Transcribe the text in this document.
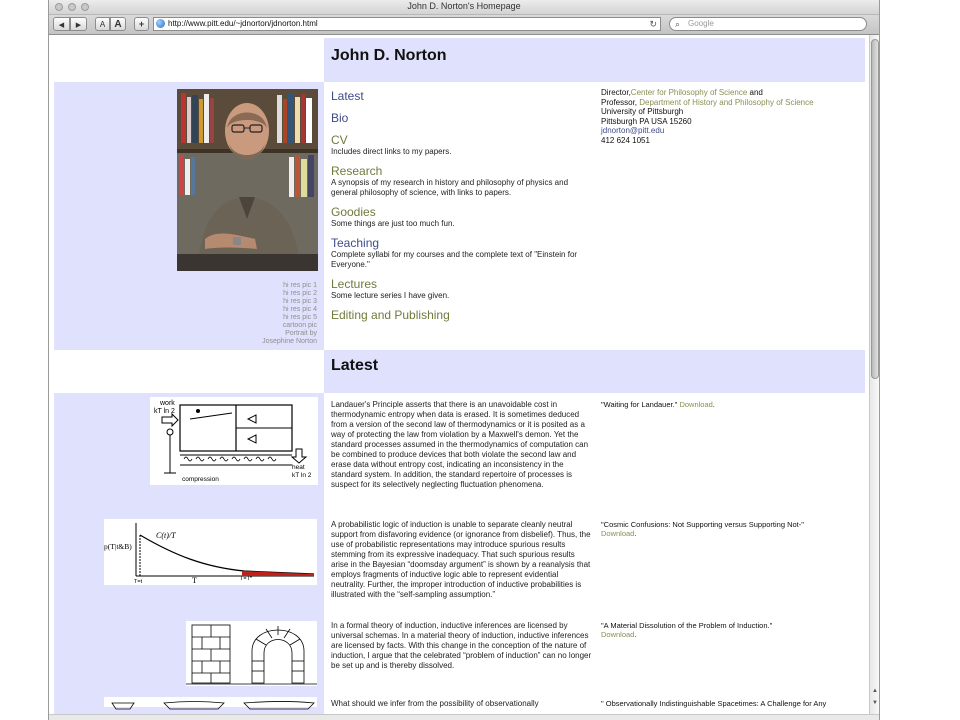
John D. Norton's Homepage
◀	▶	A A	+	http://www.pitt.edu/~jdnorton/jdnorton.html	↻ ⌕ Google
John D. Norton
hi res pic 1
hi res pic 2
hi res pic 3
hi res pic 4
hi res pic 5
cartoon pic
Portrait by
Josephine Norton
Latest
Bio
CV
Includes direct links to my papers.
Research
A synopsis of my research in history and philosophy of physics and general philosophy of science, with links to papers.
Goodies
Some things are just too much fun.
Teaching
Complete syllabi for my courses and the complete text of "Einstein for Everyone."
Lectures
Some lecture series I have given.
Editing and Publishing
Director,Center for Philosophy of Science and
Professor, Department of History and Philosophy of Science
University of Pittsburgh
Pittsburgh PA USA 15260
jdnorton@pitt.edu
412 624 1051
Latest
work
kT ln 2
heat
kT ln 2
compression
p(T|t&B)
C(t)/T
T=t	T	T=T*
Landauer's Principle asserts that there is an unavoidable cost in thermodynamic entropy when data is erased. It is sometimes deduced from a version of the second law of thermodynamics or it is posited as a way of protecting the law from violation by a Maxwell's demon. Yet the standard processes assumed in the thermodynamics of computation can be combined to produce devices that both violate the second law and erase data without entropy cost, indicating an inconsistency in the standard system. In addition, the standard repertoire of processes is suspect for its selectively neglecting fluctuation phenomena.
"Waiting for Landauer." Download.
A probabilistic logic of induction is unable to separate cleanly neutral support from disfavoring evidence (or ignorance from disbelief). Thus, the use of probabilistic representations may introduce spurious results stemming from its expressive inadequacy. That such spurious results arise in the Bayesian “doomsday argument” is shown by a reanalysis that employs fragments of inductive logic able to represent evidential neutrality. Further, the improper introduction of inductive probabilities is illustrated with the “self-sampling assumption.”
"Cosmic Confusions: Not Supporting versus Supporting Not-"
Download.
In a formal theory of induction, inductive inferences are licensed by universal schemas. In a material theory of induction, inductive inferences are licensed by facts. With this change in the conception of the nature of induction, I argue that the celebrated “problem of induction” can no longer be set up and is thereby dissolved.
"A Material Dissolution of the Problem of Induction."
Download.
What should we infer from the possibility of observationally	" Observationally Indistinguishable Spacetimes: A Challenge for Any
▲
▼
